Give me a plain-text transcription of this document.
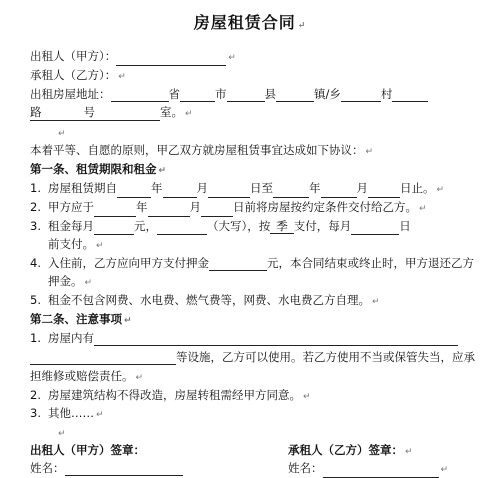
房屋租赁合同 ↵
出租人（甲方）：	↵
承租人（乙方）： ↵
出租房屋地址：	省	市	县	镇/乡	村
路	号	室。 ↵
↵
本着平等、自愿的原则，甲乙双方就房屋租赁事宜达成如下协议： ↵
第一条、租赁期限和租金 ↵
1. 房屋租赁期自	年	月	日至	年	月	日止。 ↵
2. 甲方应于	年	月	日前将房屋按约定条件交付给乙方。 ↵
3. 租金每月	元，	（大写），按 季 支付，每月	日
前支付。 ↵
4. 入住前，乙方应向甲方支付押金	元，本合同结束或终止时，甲方退还乙方
押金。 ↵
5. 租金不包含网费、水电费、燃气费等，网费、水电费乙方自理。 ↵
第二条、注意事项 ↵
1. 房屋内有
等设施，乙方可以使用。若乙方使用不当或保管失当，应承
担维修或赔偿责任。 ↵
2. 房屋建筑结构不得改造，房屋转租需经甲方同意。 ↵
3. 其他…… ↵
↵
出租人（甲方）签章：	承租人（乙方）签章： ↵
姓名：	姓名：	↵
